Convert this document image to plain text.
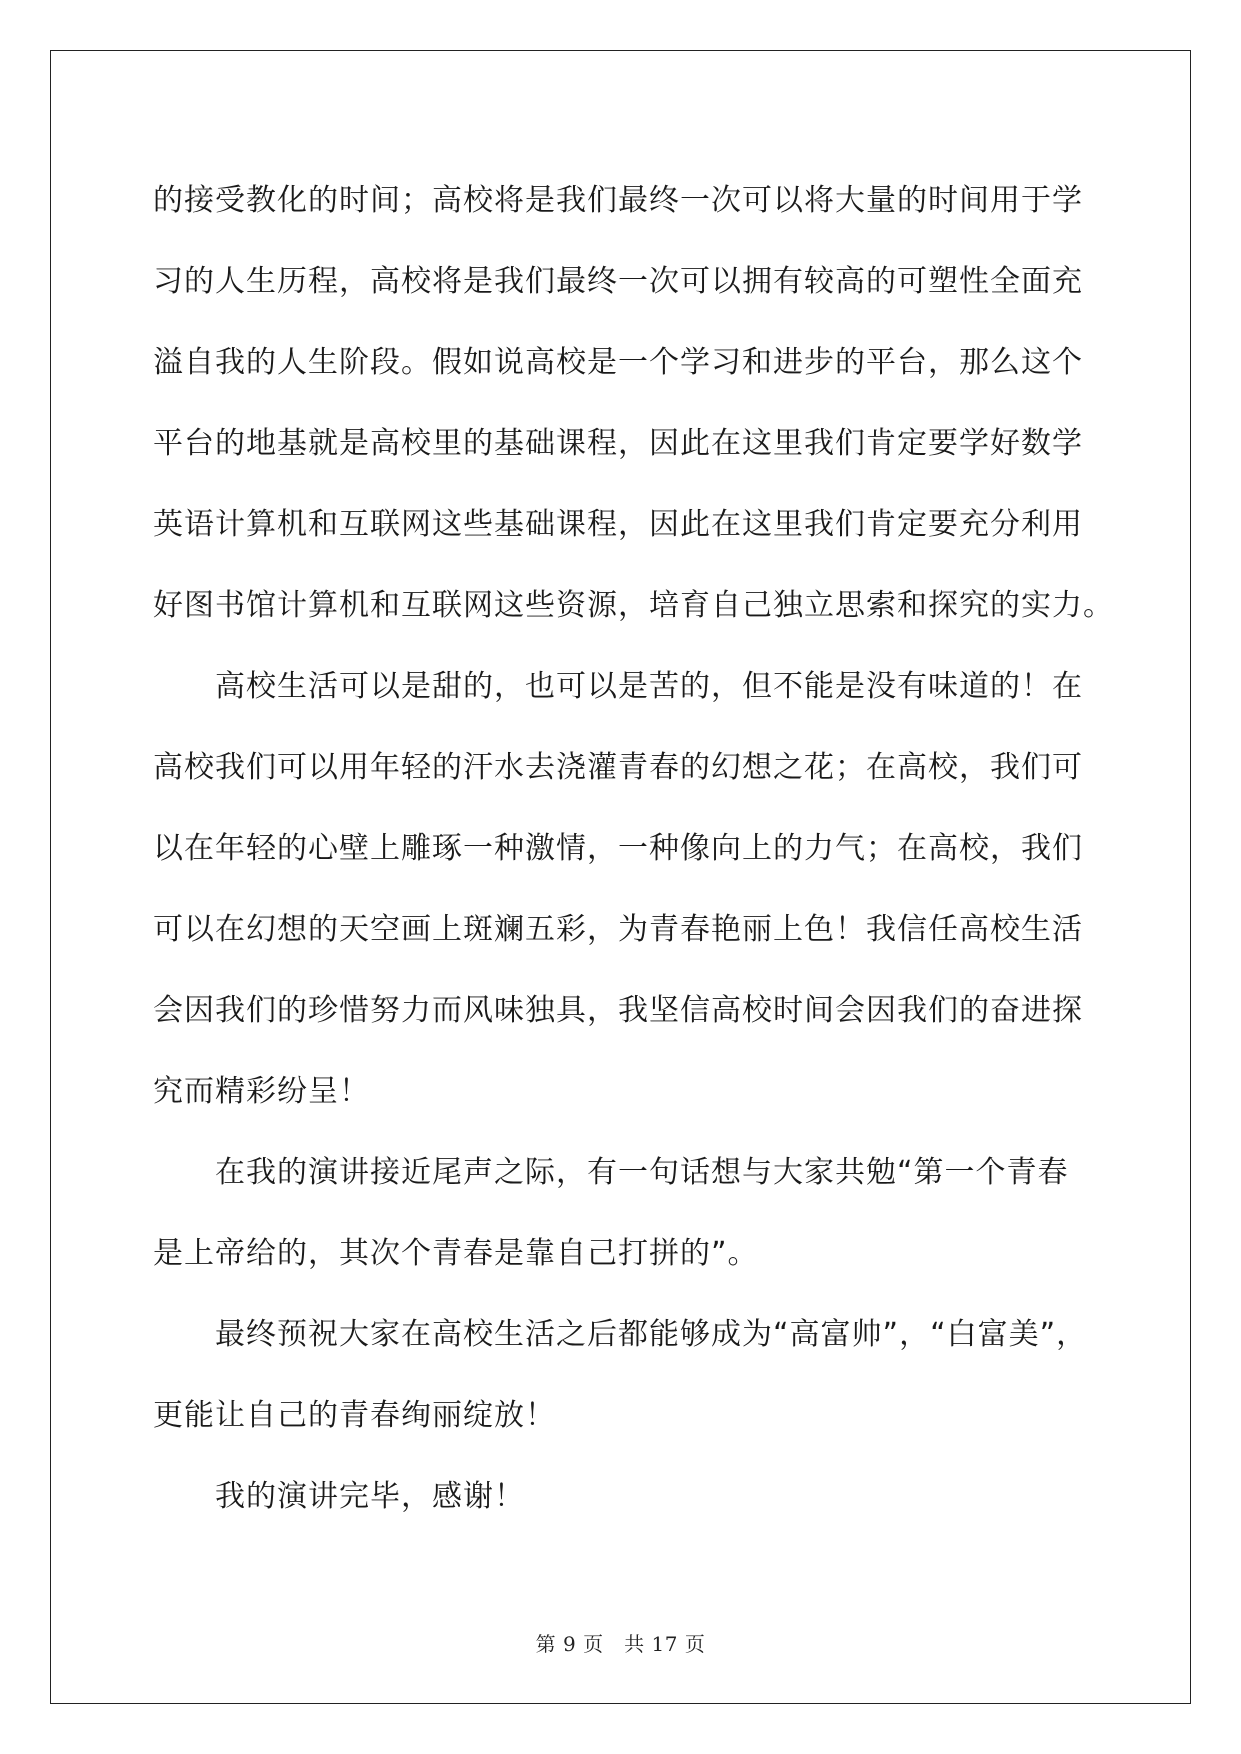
的接受教化的时间；高校将是我们最终一次可以将大量的时间用于学
习的人生历程，高校将是我们最终一次可以拥有较高的可塑性全面充
溢自我的人生阶段。假如说高校是一个学习和进步的平台，那么这个
平台的地基就是高校里的基础课程，因此在这里我们肯定要学好数学
英语计算机和互联网这些基础课程，因此在这里我们肯定要充分利用
好图书馆计算机和互联网这些资源，培育自己独立思索和探究的实力。

高校生活可以是甜的，也可以是苦的，但不能是没有味道的！在
高校我们可以用年轻的汗水去浇灌青春的幻想之花；在高校，我们可
以在年轻的心壁上雕琢一种激情，一种像向上的力气；在高校，我们
可以在幻想的天空画上斑斓五彩，为青春艳丽上色！我信任高校生活
会因我们的珍惜努力而风味独具，我坚信高校时间会因我们的奋进探
究而精彩纷呈！

在我的演讲接近尾声之际，有一句话想与大家共勉“第一个青春
是上帝给的，其次个青春是靠自己打拼的”。

最终预祝大家在高校生活之后都能够成为“高富帅”，“白富美”，
更能让自己的青春绚丽绽放！

我的演讲完毕，感谢！

第 9 页 共 17 页
